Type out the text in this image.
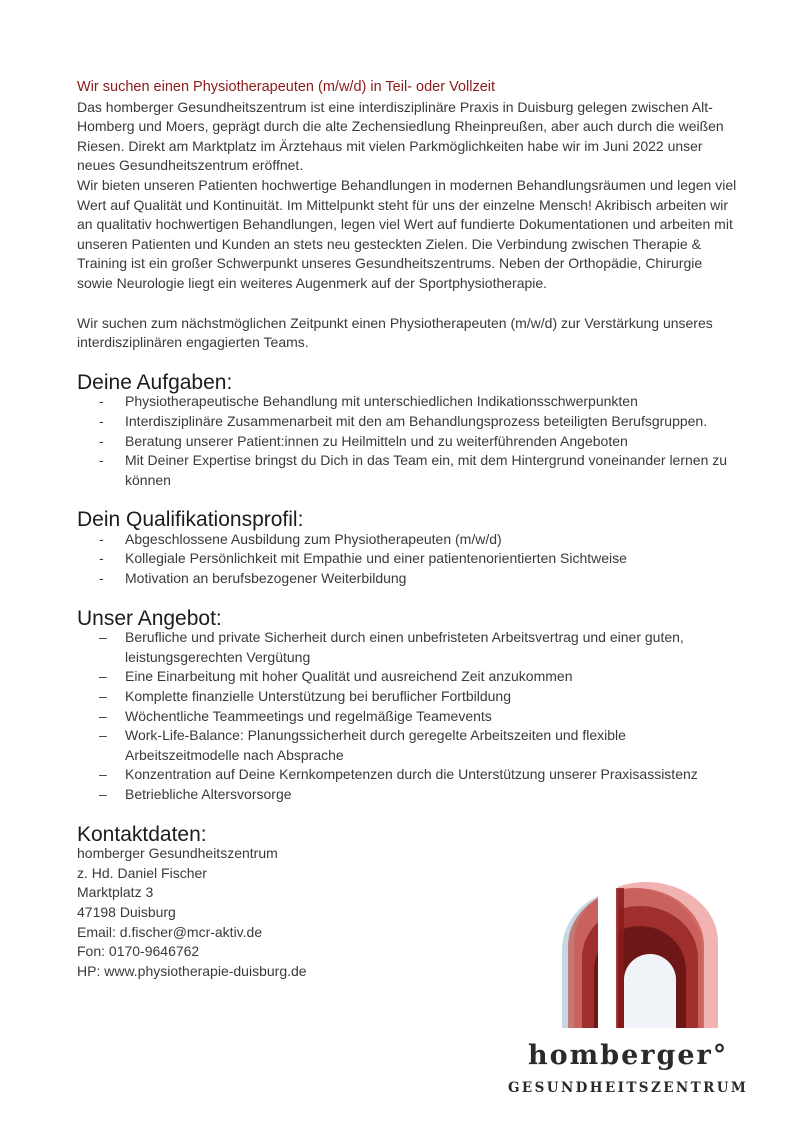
Wir suchen einen Physiotherapeuten (m/w/d) in Teil- oder Vollzeit

Das homberger Gesundheitszentrum ist eine interdisziplinäre Praxis in Duisburg gelegen zwischen Alt-Homberg und Moers, geprägt durch die alte Zechensiedlung Rheinpreußen, aber auch durch die weißen Riesen. Direkt am Marktplatz im Ärztehaus mit vielen Parkmöglichkeiten habe wir im Juni 2022 unser neues Gesundheitszentrum eröffnet.

Wir bieten unseren Patienten hochwertige Behandlungen in modernen Behandlungsräumen und legen viel Wert auf Qualität und Kontinuität. Im Mittelpunkt steht für uns der einzelne Mensch! Akribisch arbeiten wir an qualitativ hochwertigen Behandlungen, legen viel Wert auf fundierte Dokumentationen und arbeiten mit unseren Patienten und Kunden an stets neu gesteckten Zielen. Die Verbindung zwischen Therapie & Training ist ein großer Schwerpunkt unseres Gesundheitszentrums. Neben der Orthopädie, Chirurgie sowie Neurologie liegt ein weiteres Augenmerk auf der Sportphysiotherapie.

Wir suchen zum nächstmöglichen Zeitpunkt einen Physiotherapeuten (m/w/d) zur Verstärkung unseres interdisziplinären engagierten Teams.

Deine Aufgaben:
-	Physiotherapeutische Behandlung mit unterschiedlichen Indikationsschwerpunkten
-	Interdisziplinäre Zusammenarbeit mit den am Behandlungsprozess beteiligten Berufsgruppen.
-	Beratung unserer Patient:innen zu Heilmitteln und zu weiterführenden Angeboten
-	Mit Deiner Expertise bringst du Dich in das Team ein, mit dem Hintergrund voneinander lernen zu können
Dein Qualifikationsprofil:
-	Abgeschlossene Ausbildung zum Physiotherapeuten (m/w/d)
-	Kollegiale Persönlichkeit mit Empathie und einer patientenorientierten Sichtweise
-	Motivation an berufsbezogener Weiterbildung
Unser Angebot:
–	Berufliche und private Sicherheit durch einen unbefristeten Arbeitsvertrag und einer guten, leistungsgerechten Vergütung
–	Eine Einarbeitung mit hoher Qualität und ausreichend Zeit anzukommen
–	Komplette finanzielle Unterstützung bei beruflicher Fortbildung
–	Wöchentliche Teammeetings und regelmäßige Teamevents
–	Work-Life-Balance: Planungssicherheit durch geregelte Arbeitszeiten und flexible Arbeitszeitmodelle nach Absprache
–	Konzentration auf Deine Kernkompetenzen durch die Unterstützung unserer Praxisassistenz
–	Betriebliche Altersvorsorge
Kontaktdaten:
homberger Gesundheitszentrum
z. Hd. Daniel Fischer
Marktplatz 3
47198 Duisburg
Email: d.fischer@mcr-aktiv.de
Fon: 0170-9646762
HP: www.physiotherapie-duisburg.de
homberger°
GESUNDHEITSZENTRUM
